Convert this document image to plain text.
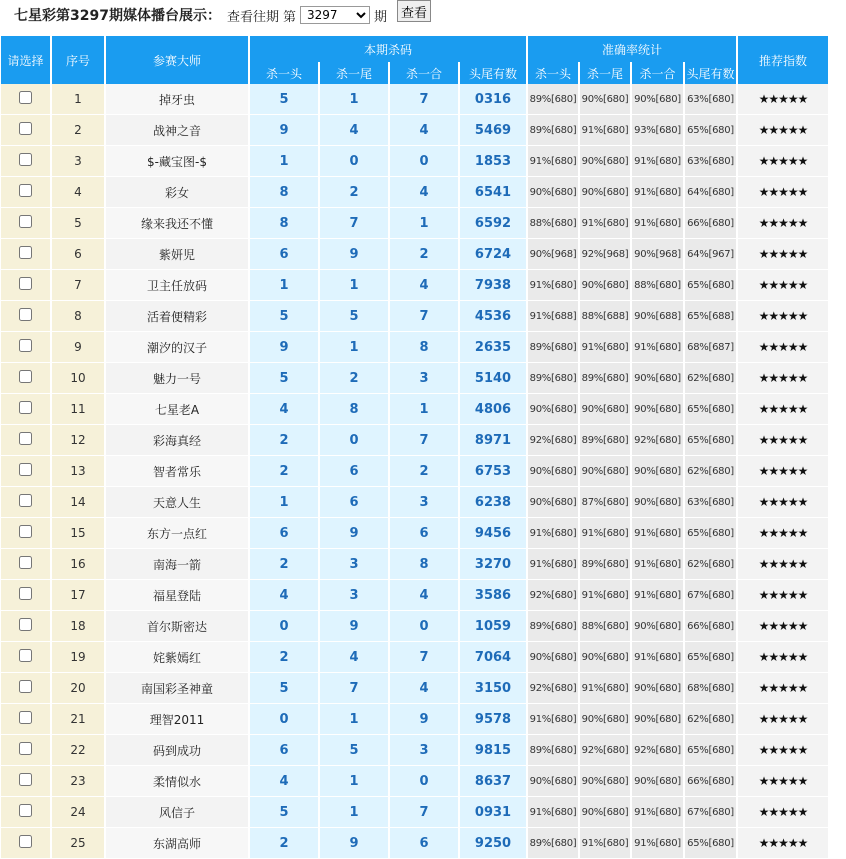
七星彩第3297期媒体播台展示： 查看往期 第
3297	期	查看
请选择	序号	参赛大师	本期杀码				准确率统计				推荐指数
			杀一头	杀一尾	杀一合	头尾有数	杀一头	杀一尾	杀一合	头尾有数	
	1	掉牙虫	5	1	7	0316	89%[680]	90%[680]	90%[680]	63%[680]	★★★★★
	2	战神之音	9	4	4	5469	89%[680]	91%[680]	93%[680]	65%[680]	★★★★★
	3	$-藏宝图-$	1	0	0	1853	91%[680]	90%[680]	91%[680]	63%[680]	★★★★★
	4	彩女	8	2	4	6541	90%[680]	90%[680]	91%[680]	64%[680]	★★★★★
	5	缘来我还不懂	8	7	1	6592	88%[680]	91%[680]	91%[680]	66%[680]	★★★★★
	6	紫妍児	6	9	2	6724	90%[968]	92%[968]	90%[968]	64%[967]	★★★★★
	7	卫主任放码	1	1	4	7938	91%[680]	90%[680]	88%[680]	65%[680]	★★★★★
	8	活着便精彩	5	5	7	4536	91%[688]	88%[688]	90%[688]	65%[688]	★★★★★
	9	潮汐的汉子	9	1	8	2635	89%[680]	91%[680]	91%[680]	68%[687]	★★★★★
	10	魅力一号	5	2	3	5140	89%[680]	89%[680]	90%[680]	62%[680]	★★★★★
	11	七星老A	4	8	1	4806	90%[680]	90%[680]	90%[680]	65%[680]	★★★★★
	12	彩海真经	2	0	7	8971	92%[680]	89%[680]	92%[680]	65%[680]	★★★★★
	13	智者常乐	2	6	2	6753	90%[680]	90%[680]	90%[680]	62%[680]	★★★★★
	14	天意人生	1	6	3	6238	90%[680]	87%[680]	90%[680]	63%[680]	★★★★★
	15	东方一点红	6	9	6	9456	91%[680]	91%[680]	91%[680]	65%[680]	★★★★★
	16	南海一箭	2	3	8	3270	91%[680]	89%[680]	91%[680]	62%[680]	★★★★★
	17	福星登陆	4	3	4	3586	92%[680]	91%[680]	91%[680]	67%[680]	★★★★★
	18	首尔斯密达	0	9	0	1059	89%[680]	88%[680]	90%[680]	66%[680]	★★★★★
	19	姹紫嫣红	2	4	7	7064	90%[680]	90%[680]	91%[680]	65%[680]	★★★★★
	20	南国彩圣神童	5	7	4	3150	92%[680]	91%[680]	90%[680]	68%[680]	★★★★★
	21	理智2011	0	1	9	9578	91%[680]	90%[680]	90%[680]	62%[680]	★★★★★
	22	码到成功	6	5	3	9815	89%[680]	92%[680]	92%[680]	65%[680]	★★★★★
	23	柔情似水	4	1	0	8637	90%[680]	90%[680]	90%[680]	66%[680]	★★★★★
	24	风信子	5	1	7	0931	91%[680]	90%[680]	91%[680]	67%[680]	★★★★★
	25	东湖高师	2	9	6	9250	89%[680]	91%[680]	91%[680]	65%[680]	★★★★★
